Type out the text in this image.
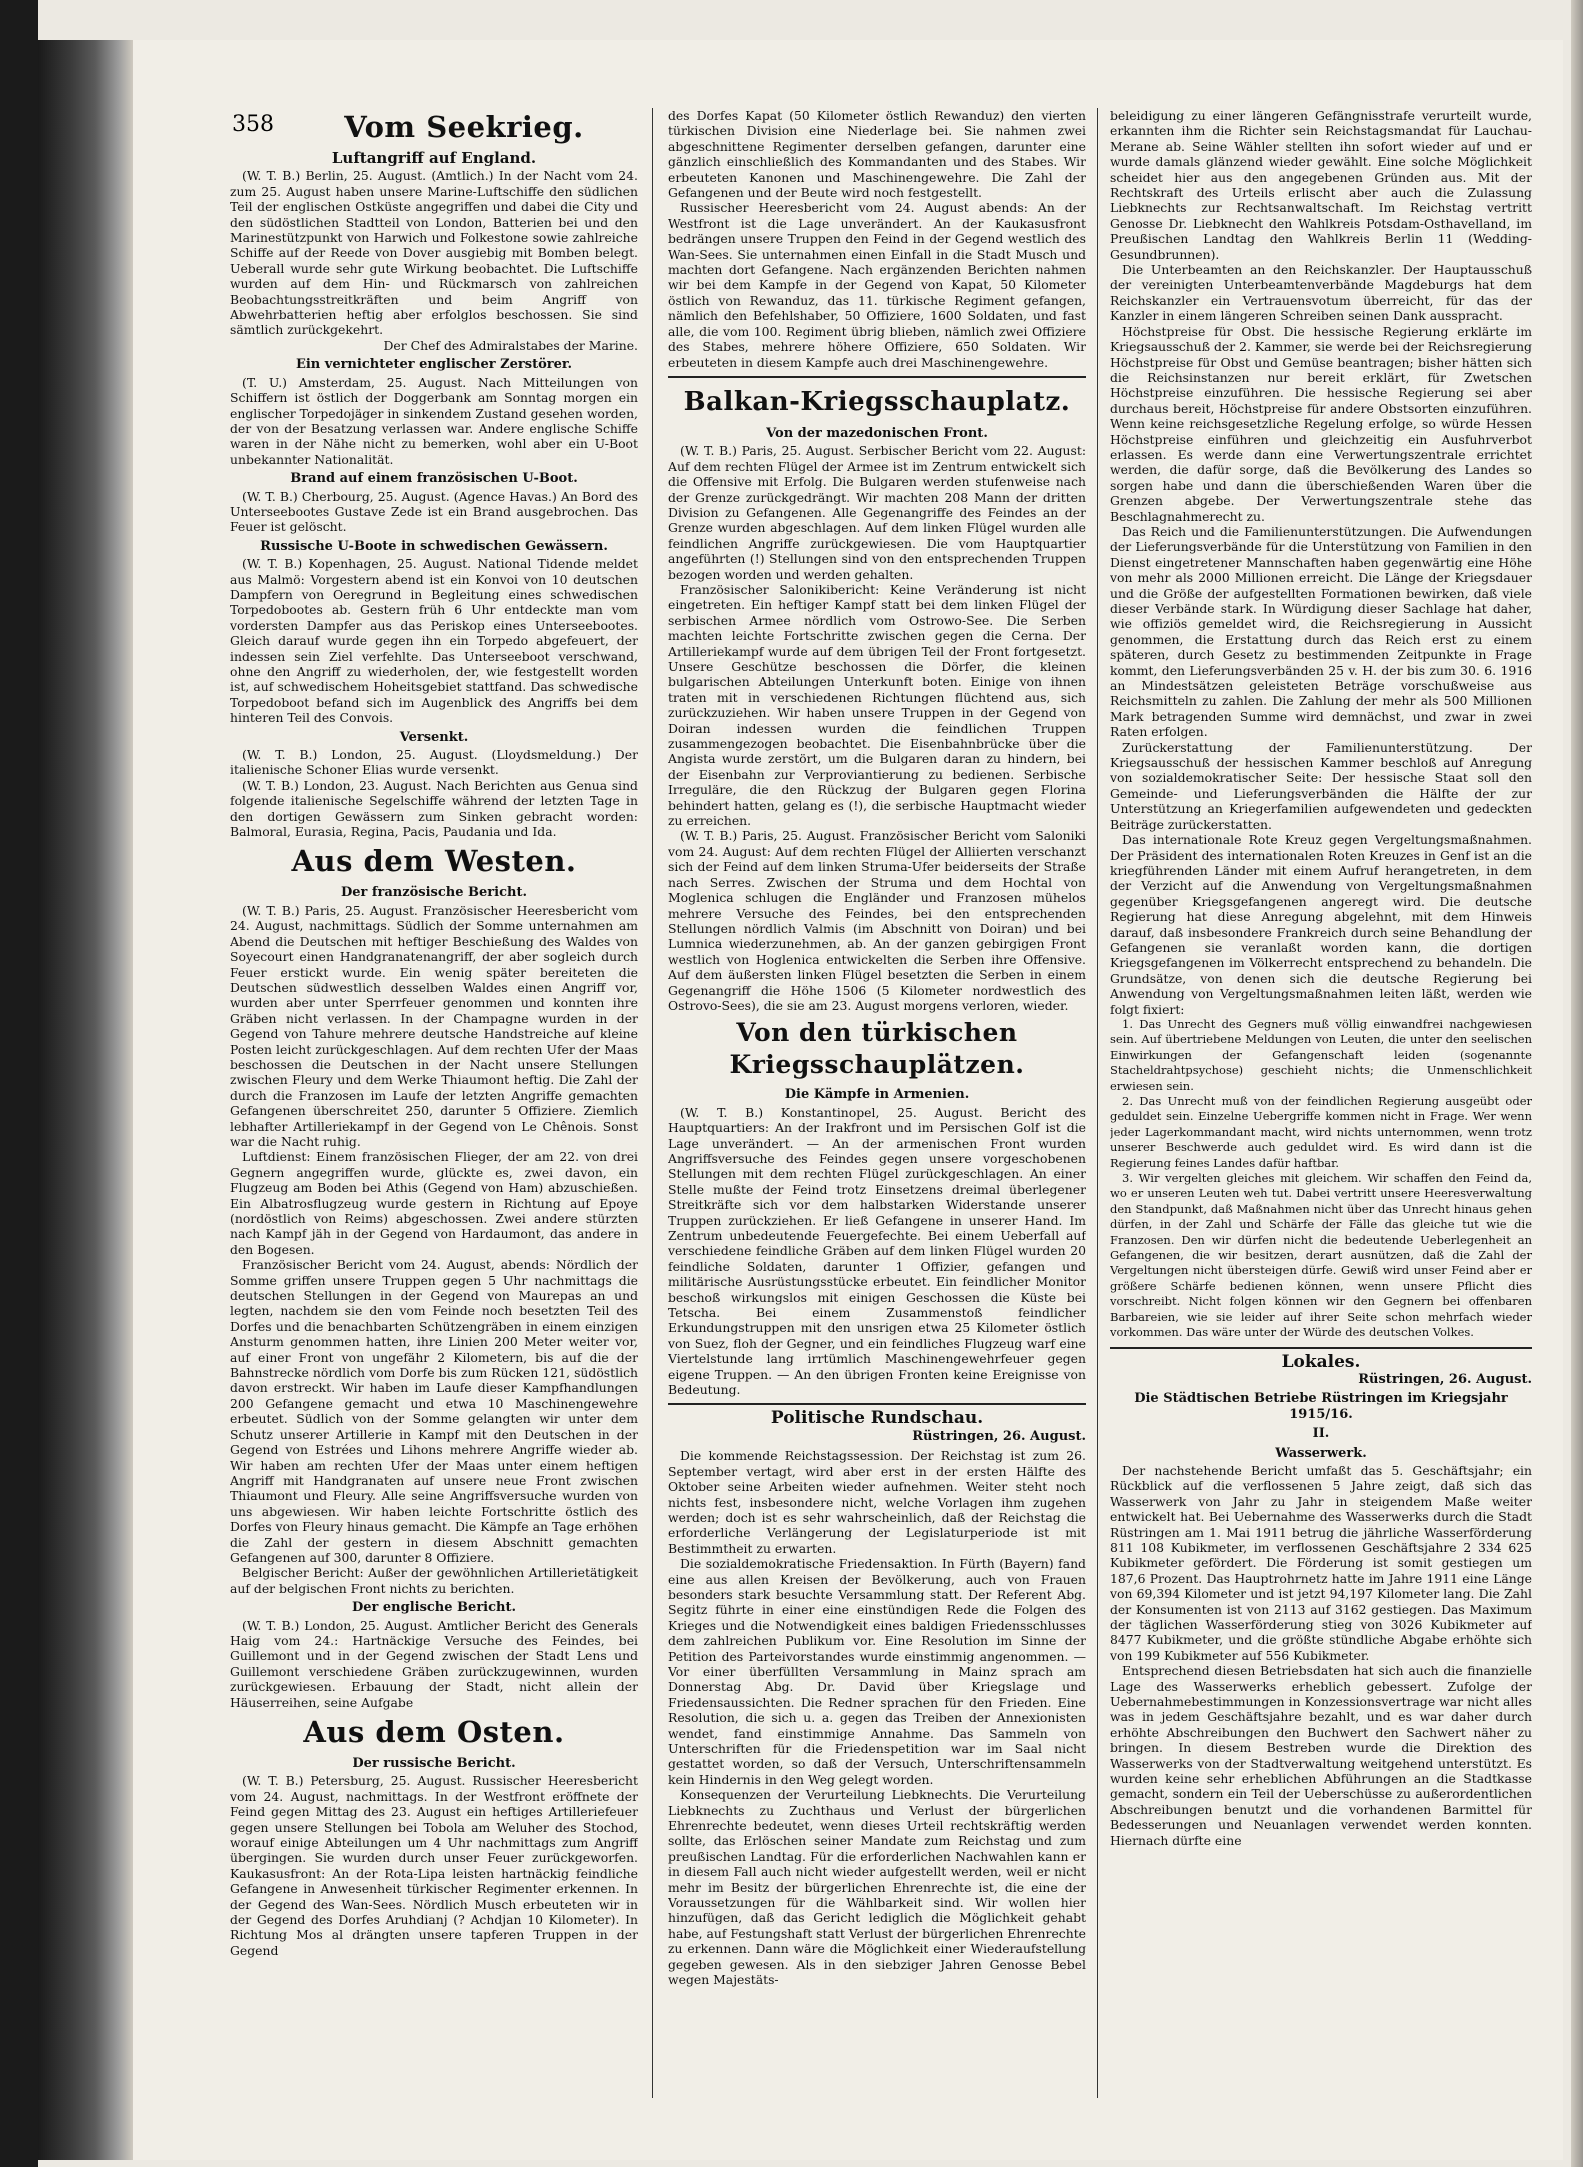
358	Vom Seekrieg.
Luftangriff auf England.

(W. T. B.) Berlin, 25. August. (Amtlich.) In der Nacht vom 24. zum 25. August haben unsere Marine-Luftschiffe den südlichen Teil der englischen Ostküste angegriffen und dabei die City und den südöstlichen Stadtteil von London, Batterien bei und den Marinestützpunkt von Harwich und Folkestone sowie zahlreiche Schiffe auf der Reede von Dover ausgiebig mit Bomben belegt. Ueberall wurde sehr gute Wirkung beobachtet. Die Luftschiffe wurden auf dem Hin- und Rückmarsch von zahlreichen Beobachtungsstreitkräften und beim Angriff von Abwehrbatterien heftig aber erfolglos beschossen. Sie sind sämtlich zurückgekehrt.

Der Chef des Admiralstabes der Marine.

Ein vernichteter englischer Zerstörer.

(T. U.) Amsterdam, 25. August. Nach Mitteilungen von Schiffern ist östlich der Doggerbank am Sonntag morgen ein englischer Torpedojäger in sinkendem Zustand gesehen worden, der von der Besatzung verlassen war. Andere englische Schiffe waren in der Nähe nicht zu bemerken, wohl aber ein U-Boot unbekannter Nationalität.

Brand auf einem französischen U-Boot.

(W. T. B.) Cherbourg, 25. August. (Agence Havas.) An Bord des Unterseebootes Gustave Zede ist ein Brand ausgebrochen. Das Feuer ist gelöscht.

Russische U-Boote in schwedischen Gewässern.

(W. T. B.) Kopenhagen, 25. August. National Tidende meldet aus Malmö: Vorgestern abend ist ein Konvoi von 10 deutschen Dampfern von Oeregrund in Begleitung eines schwedischen Torpedobootes ab. Gestern früh 6 Uhr entdeckte man vom vordersten Dampfer aus das Periskop eines Unterseebootes. Gleich darauf wurde gegen ihn ein Torpedo abgefeuert, der indessen sein Ziel verfehlte. Das Unterseeboot verschwand, ohne den Angriff zu wiederholen, der, wie festgestellt worden ist, auf schwedischem Hoheitsgebiet stattfand. Das schwedische Torpedoboot befand sich im Augenblick des Angriffs bei dem hinteren Teil des Convois.

Versenkt.

(W. T. B.) London, 25. August. (Lloydsmeldung.) Der italienische Schoner Elias wurde versenkt.

(W. T. B.) London, 23. August. Nach Berichten aus Genua sind folgende italienische Segelschiffe während der letzten Tage in den dortigen Gewässern zum Sinken gebracht worden: Balmoral, Eurasia, Regina, Pacis, Paudania und Ida.

Aus dem Westen.
Der französische Bericht.

(W. T. B.) Paris, 25. August. Französischer Heeresbericht vom 24. August, nachmittags. Südlich der Somme unternahmen am Abend die Deutschen mit heftiger Beschießung des Waldes von Soyecourt einen Handgranatenangriff, der aber sogleich durch Feuer erstickt wurde. Ein wenig später bereiteten die Deutschen südwestlich desselben Waldes einen Angriff vor, wurden aber unter Sperrfeuer genommen und konnten ihre Gräben nicht verlassen. In der Champagne wurden in der Gegend von Tahure mehrere deutsche Handstreiche auf kleine Posten leicht zurückgeschlagen. Auf dem rechten Ufer der Maas beschossen die Deutschen in der Nacht unsere Stellungen zwischen Fleury und dem Werke Thiaumont heftig. Die Zahl der durch die Franzosen im Laufe der letzten Angriffe gemachten Gefangenen überschreitet 250, darunter 5 Offiziere. Ziemlich lebhafter Artilleriekampf in der Gegend von Le Chênois. Sonst war die Nacht ruhig.

Luftdienst: Einem französischen Flieger, der am 22. von drei Gegnern angegriffen wurde, glückte es, zwei davon, ein Flugzeug am Boden bei Athis (Gegend von Ham) abzuschießen. Ein Albatrosflugzeug wurde gestern in Richtung auf Epoye (nordöstlich von Reims) abgeschossen. Zwei andere stürzten nach Kampf jäh in der Gegend von Hardaumont, das andere in den Bogesen.

Französischer Bericht vom 24. August, abends: Nördlich der Somme griffen unsere Truppen gegen 5 Uhr nachmittags die deutschen Stellungen in der Gegend von Maurepas an und legten, nachdem sie den vom Feinde noch besetzten Teil des Dorfes und die benachbarten Schützengräben in einem einzigen Ansturm genommen hatten, ihre Linien 200 Meter weiter vor, auf einer Front von ungefähr 2 Kilometern, bis auf die der Bahnstrecke nördlich vom Dorfe bis zum Rücken 121, südöstlich davon erstreckt. Wir haben im Laufe dieser Kampfhandlungen 200 Gefangene gemacht und etwa 10 Maschinengewehre erbeutet. Südlich von der Somme gelangten wir unter dem Schutz unserer Artillerie in Kampf mit den Deutschen in der Gegend von Estrées und Lihons mehrere Angriffe wieder ab. Wir haben am rechten Ufer der Maas unter einem heftigen Angriff mit Handgranaten auf unsere neue Front zwischen Thiaumont und Fleury. Alle seine Angriffsversuche wurden von uns abgewiesen. Wir haben leichte Fortschritte östlich des Dorfes von Fleury hinaus gemacht. Die Kämpfe an Tage erhöhen die Zahl der gestern in diesem Abschnitt gemachten Gefangenen auf 300, darunter 8 Offiziere.

Belgischer Bericht: Außer der gewöhnlichen Artillerietätigkeit auf der belgischen Front nichts zu berichten.

Der englische Bericht.

(W. T. B.) London, 25. August. Amtlicher Bericht des Generals Haig vom 24.: Hartnäckige Versuche des Feindes, bei Guillemont und in der Gegend zwischen der Stadt Lens und Guillemont verschiedene Gräben zurückzugewinnen, wurden zurückgewiesen. Erbauung der Stadt, nicht allein der Häuserreihen, seine Aufgabe

Aus dem Osten.
Der russische Bericht.

(W. T. B.) Petersburg, 25. August. Russischer Heeresbericht vom 24. August, nachmittags. In der Westfront eröffnete der Feind gegen Mittag des 23. August ein heftiges Artilleriefeuer gegen unsere Stellungen bei Tobola am Weluher des Stochod, worauf einige Abteilungen um 4 Uhr nachmittags zum Angriff übergingen. Sie wurden durch unser Feuer zurückgeworfen. Kaukasusfront: An der Rota-Lipa leisten hartnäckig feindliche Gefangene in Anwesenheit türkischer Regimenter erkennen. In der Gegend des Wan-Sees. Nördlich Musch erbeuteten wir in der Gegend des Dorfes Aruhdianj (? Achdjan 10 Kilometer). In Richtung Mos al drängten unsere tapferen Truppen in der Gegend

des Dorfes Kapat (50 Kilometer östlich Rewanduz) den vierten türkischen Division eine Niederlage bei. Sie nahmen zwei abgeschnittene Regimenter derselben gefangen, darunter eine gänzlich einschließlich des Kommandanten und des Stabes. Wir erbeuteten Kanonen und Maschinengewehre. Die Zahl der Gefangenen und der Beute wird noch festgestellt.

Russischer Heeresbericht vom 24. August abends: An der Westfront ist die Lage unverändert. An der Kaukasusfront bedrängen unsere Truppen den Feind in der Gegend westlich des Wan-Sees. Sie unternahmen einen Einfall in die Stadt Musch und machten dort Gefangene. Nach ergänzenden Berichten nahmen wir bei dem Kampfe in der Gegend von Kapat, 50 Kilometer östlich von Rewanduz, das 11. türkische Regiment gefangen, nämlich den Befehlshaber, 50 Offiziere, 1600 Soldaten, und fast alle, die vom 100. Regiment übrig blieben, nämlich zwei Offiziere des Stabes, mehrere höhere Offiziere, 650 Soldaten. Wir erbeuteten in diesem Kampfe auch drei Maschinengewehre.

Balkan-Kriegsschauplatz.
Von der mazedonischen Front.

(W. T. B.) Paris, 25. August. Serbischer Bericht vom 22. August: Auf dem rechten Flügel der Armee ist im Zentrum entwickelt sich die Offensive mit Erfolg. Die Bulgaren werden stufenweise nach der Grenze zurückgedrängt. Wir machten 208 Mann der dritten Division zu Gefangenen. Alle Gegenangriffe des Feindes an der Grenze wurden abgeschlagen. Auf dem linken Flügel wurden alle feindlichen Angriffe zurückgewiesen. Die vom Hauptquartier angeführten (!) Stellungen sind von den entsprechenden Truppen bezogen worden und werden gehalten.

Französischer Salonikibericht: Keine Veränderung ist nicht eingetreten. Ein heftiger Kampf statt bei dem linken Flügel der serbischen Armee nördlich vom Ostrowo-See. Die Serben machten leichte Fortschritte zwischen gegen die Cerna. Der Artilleriekampf wurde auf dem übrigen Teil der Front fortgesetzt. Unsere Geschütze beschossen die Dörfer, die kleinen bulgarischen Abteilungen Unterkunft boten. Einige von ihnen traten mit in verschiedenen Richtungen flüchtend aus, sich zurückzuziehen. Wir haben unsere Truppen in der Gegend von Doiran indessen wurden die feindlichen Truppen zusammengezogen beobachtet. Die Eisenbahnbrücke über die Angista wurde zerstört, um die Bulgaren daran zu hindern, bei der Eisenbahn zur Verproviantierung zu bedienen. Serbische Irreguläre, die den Rückzug der Bulgaren gegen Florina behindert hatten, gelang es (!), die serbische Hauptmacht wieder zu erreichen.

(W. T. B.) Paris, 25. August. Französischer Bericht vom Saloniki vom 24. August: Auf dem rechten Flügel der Alliierten verschanzt sich der Feind auf dem linken Struma-Ufer beiderseits der Straße nach Serres. Zwischen der Struma und dem Hochtal von Moglenica schlugen die Engländer und Franzosen mühelos mehrere Versuche des Feindes, bei den entsprechenden Stellungen nördlich Valmis (im Abschnitt von Doiran) und bei Lumnica wiederzunehmen, ab. An der ganzen gebirgigen Front westlich von Hoglenica entwickelten die Serben ihre Offensive. Auf dem äußersten linken Flügel besetzten die Serben in einem Gegenangriff die Höhe 1506 (5 Kilometer nordwestlich des Ostrovo-Sees), die sie am 23. August morgens verloren, wieder.

Von den türkischen Kriegsschauplätzen.
Die Kämpfe in Armenien.

(W. T. B.) Konstantinopel, 25. August. Bericht des Hauptquartiers: An der Irakfront und im Persischen Golf ist die Lage unverändert. — An der armenischen Front wurden Angriffsversuche des Feindes gegen unsere vorgeschobenen Stellungen mit dem rechten Flügel zurückgeschlagen. An einer Stelle mußte der Feind trotz Einsetzens dreimal überlegener Streitkräfte sich vor dem halbstarken Widerstande unserer Truppen zurückziehen. Er ließ Gefangene in unserer Hand. Im Zentrum unbedeutende Feuergefechte. Bei einem Ueberfall auf verschiedene feindliche Gräben auf dem linken Flügel wurden 20 feindliche Soldaten, darunter 1 Offizier, gefangen und militärische Ausrüstungsstücke erbeutet. Ein feindlicher Monitor beschoß wirkungslos mit einigen Geschossen die Küste bei Tetscha. Bei einem Zusammenstoß feindlicher Erkundungstruppen mit den unsrigen etwa 25 Kilometer östlich von Suez, floh der Gegner, und ein feindliches Flugzeug warf eine Viertelstunde lang irrtümlich Maschinengewehrfeuer gegen eigene Truppen. — An den übrigen Fronten keine Ereignisse von Bedeutung.

Politische Rundschau.
Rüstringen, 26. August.

Die kommende Reichstagssession. Der Reichstag ist zum 26. September vertagt, wird aber erst in der ersten Hälfte des Oktober seine Arbeiten wieder aufnehmen. Weiter steht noch nichts fest, insbesondere nicht, welche Vorlagen ihm zugehen werden; doch ist es sehr wahrscheinlich, daß der Reichstag die erforderliche Verlängerung der Legislaturperiode ist mit Bestimmtheit zu erwarten.

Die sozialdemokratische Friedensaktion. In Fürth (Bayern) fand eine aus allen Kreisen der Bevölkerung, auch von Frauen besonders stark besuchte Versammlung statt. Der Referent Abg. Segitz führte in einer eine einstündigen Rede die Folgen des Krieges und die Notwendigkeit eines baldigen Friedensschlusses dem zahlreichen Publikum vor. Eine Resolution im Sinne der Petition des Parteivorstandes wurde einstimmig angenommen. — Vor einer überfüllten Versammlung in Mainz sprach am Donnerstag Abg. Dr. David über Kriegslage und Friedensaussichten. Die Redner sprachen für den Frieden. Eine Resolution, die sich u. a. gegen das Treiben der Annexionisten wendet, fand einstimmige Annahme. Das Sammeln von Unterschriften für die Friedenspetition war im Saal nicht gestattet worden, so daß der Versuch, Unterschriftensammeln kein Hindernis in den Weg gelegt worden.

Konsequenzen der Verurteilung Liebknechts. Die Verurteilung Liebknechts zu Zuchthaus und Verlust der bürgerlichen Ehrenrechte bedeutet, wenn dieses Urteil rechtskräftig werden sollte, das Erlöschen seiner Mandate zum Reichstag und zum preußischen Landtag. Für die erforderlichen Nachwahlen kann er in diesem Fall auch nicht wieder aufgestellt werden, weil er nicht mehr im Besitz der bürgerlichen Ehrenrechte ist, die eine der Voraussetzungen für die Wählbarkeit sind. Wir wollen hier hinzufügen, daß das Gericht lediglich die Möglichkeit gehabt habe, auf Festungshaft statt Verlust der bürgerlichen Ehrenrechte zu erkennen. Dann wäre die Möglichkeit einer Wiederaufstellung gegeben gewesen. Als in den siebziger Jahren Genosse Bebel wegen Majestäts-

beleidigung zu einer längeren Gefängnisstrafe verurteilt wurde, erkannten ihm die Richter sein Reichstagsmandat für Lauchau-Merane ab. Seine Wähler stellten ihn sofort wieder auf und er wurde damals glänzend wieder gewählt. Eine solche Möglichkeit scheidet hier aus den angegebenen Gründen aus. Mit der Rechtskraft des Urteils erlischt aber auch die Zulassung Liebknechts zur Rechtsanwaltschaft. Im Reichstag vertritt Genosse Dr. Liebknecht den Wahlkreis Potsdam-Osthavelland, im Preußischen Landtag den Wahlkreis Berlin 11 (Wedding-Gesundbrunnen).

Die Unterbeamten an den Reichskanzler. Der Hauptausschuß der vereinigten Unterbeamtenverbände Magdeburgs hat dem Reichskanzler ein Vertrauensvotum überreicht, für das der Kanzler in einem längeren Schreiben seinen Dank ausspracht.

Höchstpreise für Obst. Die hessische Regierung erklärte im Kriegsausschuß der 2. Kammer, sie werde bei der Reichsregierung Höchstpreise für Obst und Gemüse beantragen; bisher hätten sich die Reichsinstanzen nur bereit erklärt, für Zwetschen Höchstpreise einzuführen. Die hessische Regierung sei aber durchaus bereit, Höchstpreise für andere Obstsorten einzuführen. Wenn keine reichsgesetzliche Regelung erfolge, so würde Hessen Höchstpreise einführen und gleichzeitig ein Ausfuhrverbot erlassen. Es werde dann eine Verwertungszentrale errichtet werden, die dafür sorge, daß die Bevölkerung des Landes so sorgen habe und dann die überschießenden Waren über die Grenzen abgebe. Der Verwertungszentrale stehe das Beschlagnahmerecht zu.

Das Reich und die Familienunterstützungen. Die Aufwendungen der Lieferungsverbände für die Unterstützung von Familien in den Dienst eingetretener Mannschaften haben gegenwärtig eine Höhe von mehr als 2000 Millionen erreicht. Die Länge der Kriegsdauer und die Größe der aufgestellten Formationen bewirken, daß viele dieser Verbände stark. In Würdigung dieser Sachlage hat daher, wie offiziös gemeldet wird, die Reichsregierung in Aussicht genommen, die Erstattung durch das Reich erst zu einem späteren, durch Gesetz zu bestimmenden Zeitpunkte in Frage kommt, den Lieferungsverbänden 25 v. H. der bis zum 30. 6. 1916 an Mindestsätzen geleisteten Beträge vorschußweise aus Reichsmitteln zu zahlen. Die Zahlung der mehr als 500 Millionen Mark betragenden Summe wird demnächst, und zwar in zwei Raten erfolgen.

Zurückerstattung der Familienunterstützung. Der Kriegsausschuß der hessischen Kammer beschloß auf Anregung von sozialdemokratischer Seite: Der hessische Staat soll den Gemeinde- und Lieferungsverbänden die Hälfte der zur Unterstützung an Kriegerfamilien aufgewendeten und gedeckten Beiträge zurückerstatten.

Das internationale Rote Kreuz gegen Vergeltungsmaßnahmen. Der Präsident des internationalen Roten Kreuzes in Genf ist an die kriegführenden Länder mit einem Aufruf herangetreten, in dem der Verzicht auf die Anwendung von Vergeltungsmaßnahmen gegenüber Kriegsgefangenen angeregt wird. Die deutsche Regierung hat diese Anregung abgelehnt, mit dem Hinweis darauf, daß insbesondere Frankreich durch seine Behandlung der Gefangenen sie veranlaßt worden kann, die dortigen Kriegsgefangenen im Völkerrecht entsprechend zu behandeln. Die Grundsätze, von denen sich die deutsche Regierung bei Anwendung von Vergeltungsmaßnahmen leiten läßt, werden wie folgt fixiert:

1. Das Unrecht des Gegners muß völlig einwandfrei nachgewiesen sein. Auf übertriebene Meldungen von Leuten, die unter den seelischen Einwirkungen der Gefangenschaft leiden (sogenannte Stacheldrahtpsychose) geschieht nichts; die Unmenschlichkeit erwiesen sein.

2. Das Unrecht muß von der feindlichen Regierung ausgeübt oder geduldet sein. Einzelne Uebergriffe kommen nicht in Frage. Wer wenn jeder Lagerkommandant macht, wird nichts unternommen, wenn trotz unserer Beschwerde auch geduldet wird. Es wird dann ist die Regierung feines Landes dafür haftbar.

3. Wir vergelten gleiches mit gleichem. Wir schaffen den Feind da, wo er unseren Leuten weh tut. Dabei vertritt unsere Heeresverwaltung den Standpunkt, daß Maßnahmen nicht über das Unrecht hinaus gehen dürfen, in der Zahl und Schärfe der Fälle das gleiche tut wie die Franzosen. Den wir dürfen nicht die bedeutende Ueberlegenheit an Gefangenen, die wir besitzen, derart ausnützen, daß die Zahl der Vergeltungen nicht übersteigen dürfe. Gewiß wird unser Feind aber er größere Schärfe bedienen können, wenn unsere Pflicht dies vorschreibt. Nicht folgen können wir den Gegnern bei offenbaren Barbareien, wie sie leider auf ihrer Seite schon mehrfach wieder vorkommen. Das wäre unter der Würde des deutschen Volkes.

Lokales.
Rüstringen, 26. August.
Die Städtischen Betriebe Rüstringen im Kriegsjahr 1915/16.
II.
Wasserwerk.

Der nachstehende Bericht umfaßt das 5. Geschäftsjahr; ein Rückblick auf die verflossenen 5 Jahre zeigt, daß sich das Wasserwerk von Jahr zu Jahr in steigendem Maße weiter entwickelt hat. Bei Uebernahme des Wasserwerks durch die Stadt Rüstringen am 1. Mai 1911 betrug die jährliche Wasserförderung 811 108 Kubikmeter, im verflossenen Geschäftsjahre 2 334 625 Kubikmeter gefördert. Die Förderung ist somit gestiegen um 187,6 Prozent. Das Hauptrohrnetz hatte im Jahre 1911 eine Länge von 69,394 Kilometer und ist jetzt 94,197 Kilometer lang. Die Zahl der Konsumenten ist von 2113 auf 3162 gestiegen. Das Maximum der täglichen Wasserförderung stieg von 3026 Kubikmeter auf 8477 Kubikmeter, und die größte stündliche Abgabe erhöhte sich von 199 Kubikmeter auf 556 Kubikmeter.

Entsprechend diesen Betriebsdaten hat sich auch die finanzielle Lage des Wasserwerks erheblich gebessert. Zufolge der Uebernahmebestimmungen in Konzessionsvertrage war nicht alles was in jedem Geschäftsjahre bezahlt, und es war daher durch erhöhte Abschreibungen den Buchwert den Sachwert näher zu bringen. In diesem Bestreben wurde die Direktion des Wasserwerks von der Stadtverwaltung weitgehend unterstützt. Es wurden keine sehr erheblichen Abführungen an die Stadtkasse gemacht, sondern ein Teil der Ueberschüsse zu außerordentlichen Abschreibungen benutzt und die vorhandenen Barmittel für Bedesserungen und Neuanlagen verwendet werden konnten. Hiernach dürfte eine
